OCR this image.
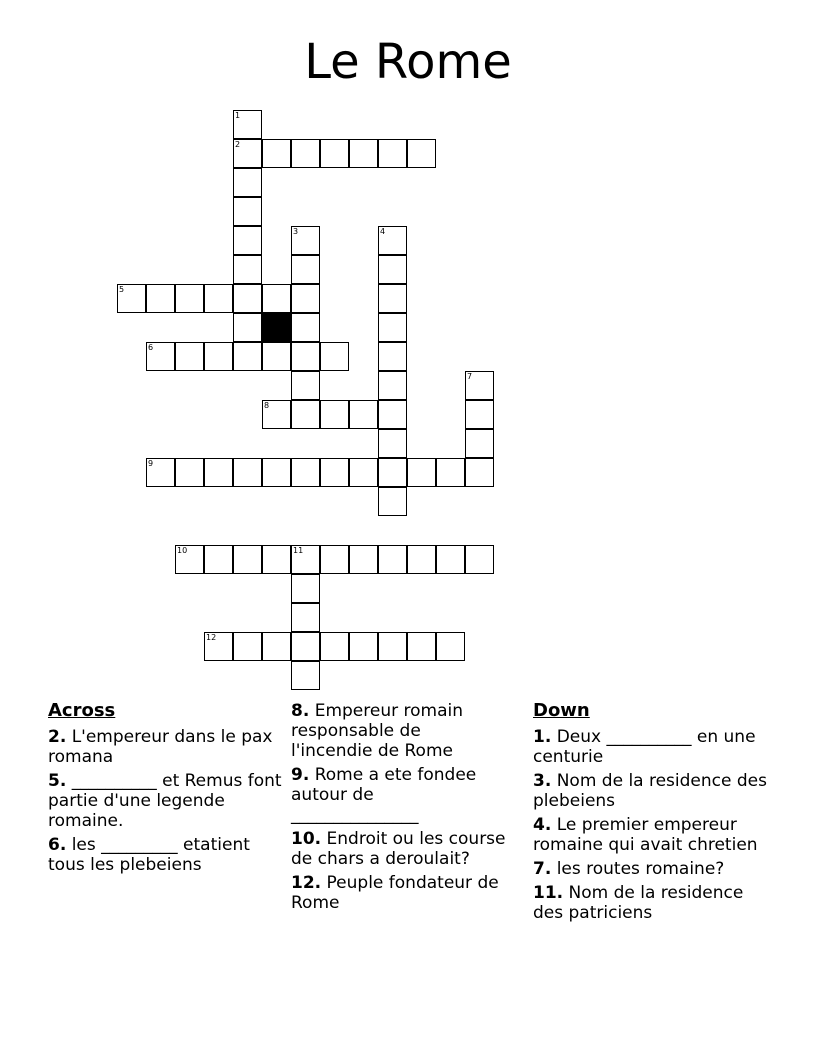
Le Rome
1
2
3	4
5
6
7
8
9
10	11
12
Across
2. L'empereur dans le pax romana
5. __________ et Remus font partie d'une legende romaine.
6. les _________ etatient tous les plebeiens
8. Empereur romain responsable de l'incendie de Rome
9. Rome a ete fondee autour de _______________
10. Endroit ou les course de chars a deroulait?
12. Peuple fondateur de Rome
Down
1. Deux __________ en une centurie
3. Nom de la residence des plebeiens
4. Le premier empereur romaine qui avait chretien
7. les routes romaine?
11. Nom de la residence des patriciens
